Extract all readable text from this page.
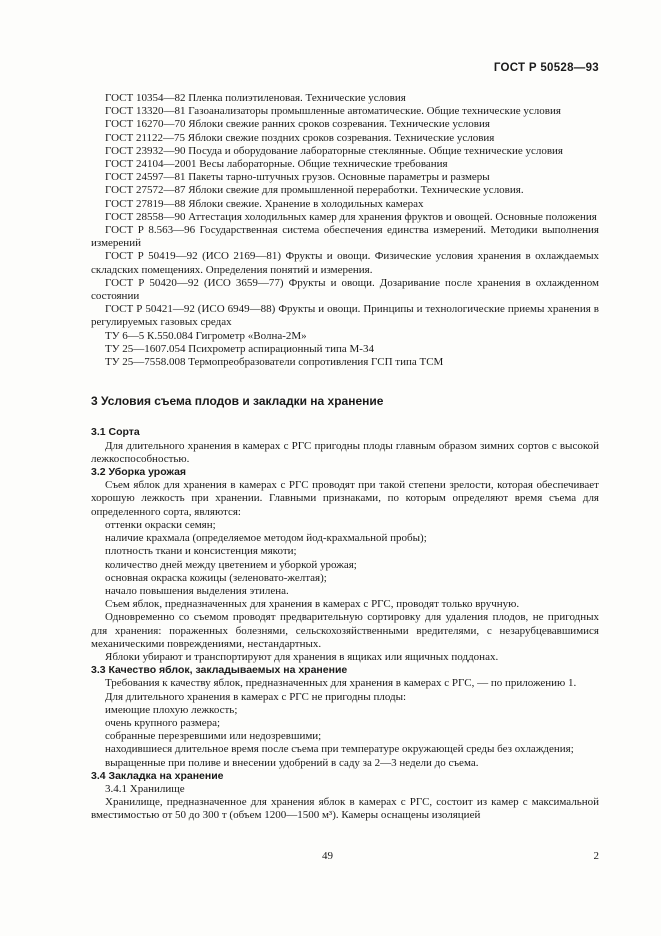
ГОСТ Р 50528—93

ГОСТ 10354—82 Пленка полиэтиленовая. Технические условия

ГОСТ 13320—81 Газоанализаторы промышленные автоматические. Общие технические условия

ГОСТ 16270—70 Яблоки свежие ранних сроков созревания. Технические условия

ГОСТ 21122—75 Яблоки свежие поздних сроков созревания. Технические условия

ГОСТ 23932—90 Посуда и оборудование лабораторные стеклянные. Общие технические условия

ГОСТ 24104—2001 Весы лабораторные. Общие технические требования

ГОСТ 24597—81 Пакеты тарно-штучных грузов. Основные параметры и размеры

ГОСТ 27572—87 Яблоки свежие для промышленной переработки. Технические условия.

ГОСТ 27819—88 Яблоки свежие. Хранение в холодильных камерах

ГОСТ 28558—90 Аттестация холодильных камер для хранения фруктов и овощей. Основные положения

ГОСТ Р 8.563—96 Государственная система обеспечения единства измерений. Методики выполнения измерений

ГОСТ Р 50419—92 (ИСО 2169—81) Фрукты и овощи. Физические условия хранения в охлаждаемых складских помещениях. Определения понятий и измерения.

ГОСТ Р 50420—92 (ИСО 3659—77) Фрукты и овощи. Дозаривание после хранения в охлажденном состоянии

ГОСТ Р 50421—92 (ИСО 6949—88) Фрукты и овощи. Принципы и технологические приемы хранения в регулируемых газовых средах

ТУ 6—5 К.550.084 Гигрометр «Волна-2М»

ТУ 25—1607.054 Психрометр аспирационный типа М-34

ТУ 25—7558.008 Термопреобразователи сопротивления ГСП типа ТСМ

3 Условия съема плодов и закладки на хранение
3.1 Сорта

Для длительного хранения в камерах с РГС пригодны плоды главным образом зимних сортов с высокой лежкоспособностью.

3.2 Уборка урожая

Съем яблок для хранения в камерах с РГС проводят при такой степени зрелости, которая обеспечивает хорошую лежкость при хранении. Главными признаками, по которым определяют время съема для определенного сорта, являются:

оттенки окраски семян;

наличие крахмала (определяемое методом йод-крахмальной пробы);

плотность ткани и консистенция мякоти;

количество дней между цветением и уборкой урожая;

основная окраска кожицы (зеленовато-желтая);

начало повышения выделения этилена.

Съем яблок, предназначенных для хранения в камерах с РГС, проводят только вручную.

Одновременно со съемом проводят предварительную сортировку для удаления плодов, не пригодных для хранения: пораженных болезнями, сельскохозяйственными вредителями, с незарубцевавшимися механическими повреждениями, нестандартных.

Яблоки убирают и транспортируют для хранения в ящиках или ящичных поддонах.

3.3 Качество яблок, закладываемых на хранение

Требования к качеству яблок, предназначенных для хранения в камерах с РГС, — по приложению 1.

Для длительного хранения в камерах с РГС не пригодны плоды:

имеющие плохую лежкость;

очень крупного размера;

собранные перезревшими или недозревшими;

находившиеся длительное время после съема при температуре окружающей среды без охлаждения;

выращенные при поливе и внесении удобрений в саду за 2—3 недели до съема.

3.4 Закладка на хранение

3.4.1 Хранилище

Хранилище, предназначенное для хранения яблок в камерах с РГС, состоит из камер с максимальной вместимостью от 50 до 300 т (объем 1200—1500 м³). Камеры оснащены изоляцией

49	2
